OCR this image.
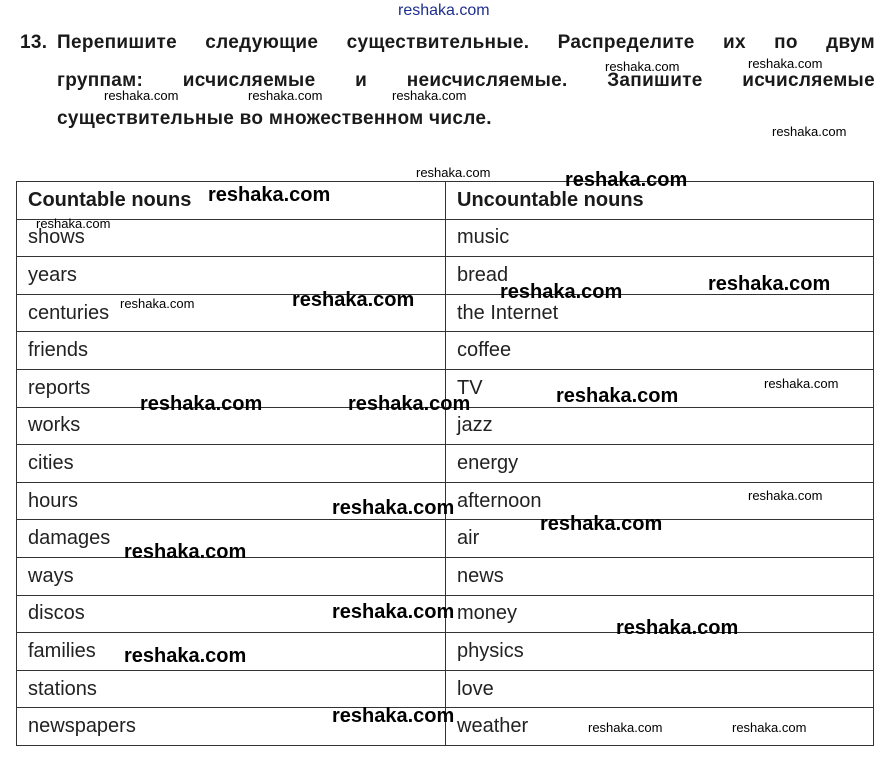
13. Перепишите следующие существительные. Распределите их по двум
группам: исчисляемые и неисчисляемые. Запишите исчисляемые
существительные во множественном числе.
Countable nouns	Uncountable nouns
shows	music
years	bread
centuries	the Internet
friends	coffee
reports	TV
works	jazz
cities	energy
hours	afternoon
damages	air
ways	news
discos	money
families	physics
stations	love
newspapers	weather
reshaka.com
reshaka.com	reshaka.com
reshaka.com	reshaka.com	reshaka.com
reshaka.com
reshaka.com
reshaka.com
reshaka.com
reshaka.com
reshaka.com	reshaka.com	reshaka.com	reshaka.com
reshaka.com
reshaka.com
reshaka.com	reshaka.com
reshaka.com
reshaka.com
reshaka.com
reshaka.com
reshaka.com
reshaka.com
reshaka.com
reshaka.com
reshaka.com	reshaka.com
